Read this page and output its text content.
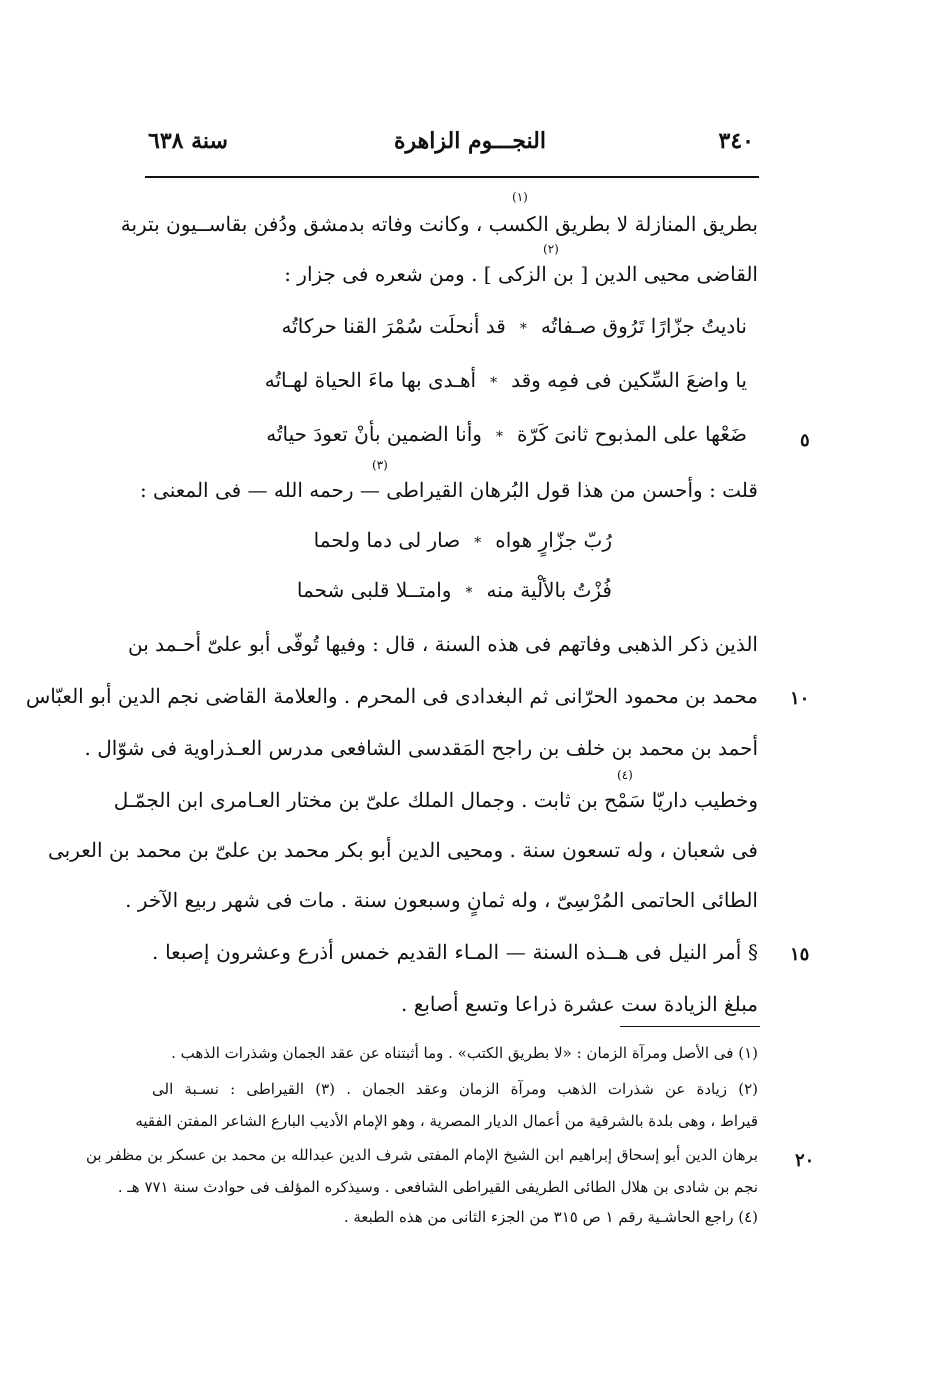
٣٤٠
النجـــوم الزاهرة
سنة ٦٣٨
(١)
بطريق المنازلة لا بطريق الكسب ، وكانت وفاته بدمشق ودُفن بقاســيون بتربة
(٢)
القاضى محيى الدين [ بن الزكى ] . ومن شعره فى جزار :
ناديتُ جزّارًا تَرُوق صـفاتُه*قد أنحلَت سُمْرَ القنا حركاتُه
يا واضعَ السِّكين فى فمِه وقد*أهـدى بها ماءَ الحياة لهـاتُه
ضَعْها على المذبوح ثانىَ كَرّة*وأنا الضمين بأنْ تعودَ حياتُه	٥
(٣)
قلت : وأحسن من هذا قول البُرهان القيراطى — رحمه الله — فى المعنى :
رُبّ جزّارٍ هواه*صار لى دما ولحما
فُزْتُ بالألْية منه*وامتــلا قلبى شحما
الذين ذكر الذهبى وفاتهم فى هذه السنة ، قال : وفيها تُوفّى أبو علىّ أحـمد بن
محمد بن محمود الحرّانى ثم البغدادى فى المحرم . والعلامة القاضى نجم الدين أبو العبّاس ١٠
أحمد بن محمد بن خلف بن راجح المَقدسى الشافعى مدرس العـذراوية فى شوّال .
(٤)
وخطيب داريّا سَمْح بن ثابت . وجمال الملك علىّ بن مختار العـامرى ابن الجمّـل
فى شعبان ، وله تسعون سنة . ومحيى الدين أبو بكر محمد بن علىّ بن محمد بن العربى
الطائى الحاتمى المُرْسِىّ ، وله ثمانٍ وسبعون سنة . مات فى شهر ربيع الآخر .
§ أمر النيل فى هــذه السنة — المـاء القديم خمس أذرع وعشرون إصبعا . ١٥
مبلغ الزيادة ست عشرة ذراعا وتسع أصابع .
(١) فى الأصل ومرآة الزمان : «لا بطريق الكتب» . وما أثبتناه عن عقد الجمان وشذرات الذهب .
(٢) زيادة عن شذرات الذهب ومرآة الزمان وعقد الجمان . (٣) القيراطى : نسـبة الى
قيراط ، وهى بلدة بالشرقية من أعمال الديار المصرية ، وهو الإمام الأديب البارع الشاعر المفتن الفقيه
برهان الدين أبو إسحاق إبراهيم ابن الشيخ الإمام المفتى شرف الدين عبدالله بن محمد بن عسكر بن مظفر بن ٢٠
نجم بن شادى بن هلال الطائى الطريفى القيراطى الشافعى . وسيذكره المؤلف فى حوادث سنة ٧٧١ هـ .
(٤) راجع الحاشـية رقم ١ ص ٣١٥ من الجزء الثانى من هذه الطبعة .
